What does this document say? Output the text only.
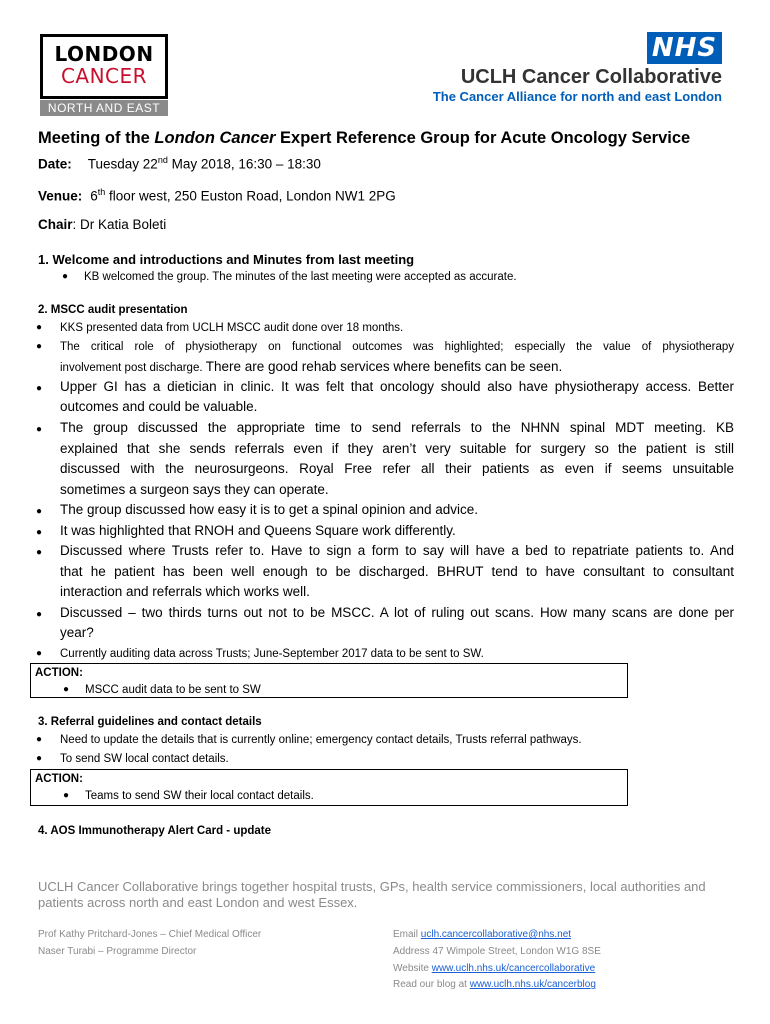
LONDON
CANCER
NORTH AND EAST
NHS
UCLH Cancer Collaborative
The Cancer Alliance for north and east London
Meeting of the London Cancer Expert Reference Group for Acute Oncology Service
Date: Tuesday 22nd May 2018, 16:30 – 18:30
Venue: 6th floor west, 250 Euston Road, London NW1 2PG
Chair: Dr Katia Boleti
1. Welcome and introductions and Minutes from last meeting
● KB welcomed the group. The minutes of the last meeting were accepted as accurate.
2. MSCC audit presentation
● KKS presented data from UCLH MSCC audit done over 18 months.
● The critical role of physiotherapy on functional outcomes was highlighted; especially the value of physiotherapy
involvement post discharge. There are good rehab services where benefits can be seen.
● Upper GI has a dietician in clinic. It was felt that oncology should also have physiotherapy access. Better
outcomes and could be valuable.
● The group discussed the appropriate time to send referrals to the NHNN spinal MDT meeting. KB
explained that she sends referrals even if they aren’t very suitable for surgery so the patient is still
discussed with the neurosurgeons. Royal Free refer all their patients as even if seems unsuitable
sometimes a surgeon says they can operate.
● The group discussed how easy it is to get a spinal opinion and advice.
● It was highlighted that RNOH and Queens Square work differently.
● Discussed where Trusts refer to. Have to sign a form to say will have a bed to repatriate patients to. And
that he patient has been well enough to be discharged. BHRUT tend to have consultant to consultant
interaction and referrals which works well.
● Discussed – two thirds turns out not to be MSCC. A lot of ruling out scans. How many scans are done per
year?
● Currently auditing data across Trusts; June-September 2017 data to be sent to SW.
ACTION:
● MSCC audit data to be sent to SW
3. Referral guidelines and contact details
● Need to update the details that is currently online; emergency contact details, Trusts referral pathways.
● To send SW local contact details.
ACTION:
● Teams to send SW their local contact details.
4. AOS Immunotherapy Alert Card - update
UCLH Cancer Collaborative brings together hospital trusts, GPs, health service commissioners, local authorities and
patients across north and east London and west Essex.
Prof Kathy Pritchard-Jones – Chief Medical Officer
Naser Turabi – Programme Director
Email uclh.cancercollaborative@nhs.net
Address 47 Wimpole Street, London W1G 8SE
Website www.uclh.nhs.uk/cancercollaborative
Read our blog at www.uclh.nhs.uk/cancerblog
